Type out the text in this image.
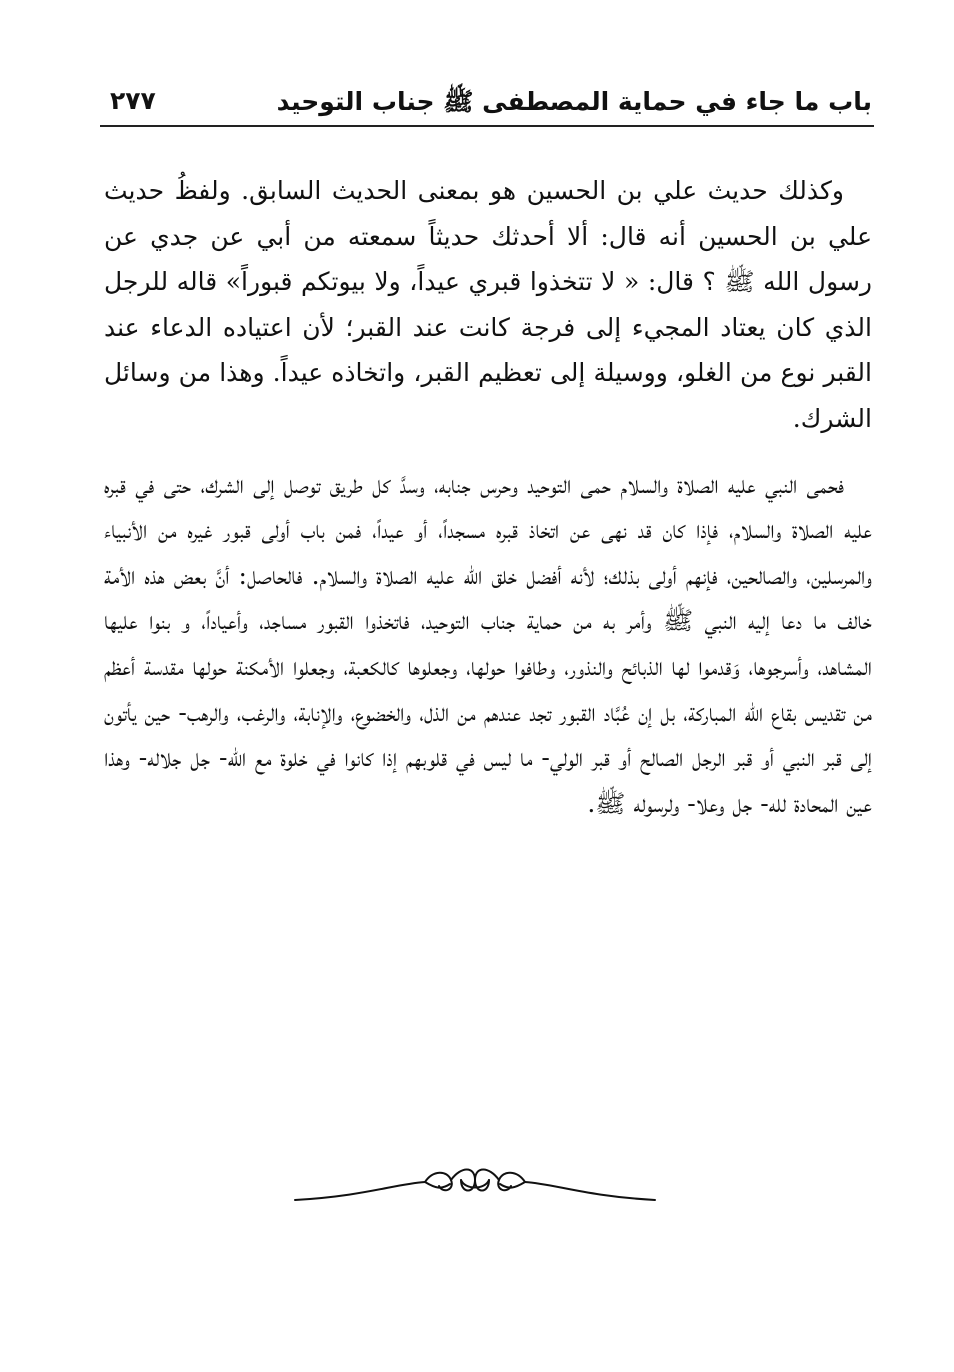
باب ما جاء في حماية المصطفى ﷺ جناب التوحيد
٢٧٧

وكذلك حديث علي بن الحسين هو بمعنى الحديث السابق. ولفظُ حديث علي بن الحسين أنه قال: ألا أحدثك حديثاً سمعته من أبي عن جدي عن رسول الله ﷺ ؟ قال: « لا تتخذوا قبري عيداً، ولا بيوتكم قبوراً» قاله للرجل الذي كان يعتاد المجيء إلى فرجة كانت عند القبر؛ لأن اعتياده الدعاء عند القبر نوع من الغلو، ووسيلة إلى تعظيم القبر، واتخاذه عيداً. وهذا من وسائل الشرك.

فحمى النبي عليه الصلاة والسلام حمى التوحيد وحرس جنابه، وسدَّ كل طريق توصل إلى الشرك، حتى في قبره عليه الصلاة والسلام، فإذا كان قد نهى عن اتخاذ قبره مسجداً، أو عيداً، فمن باب أولى قبور غيره من الأنبياء والمرسلين، والصالحين، فإنهم أولى بذلك؛ لأنه أفضل خلق الله عليه الصلاة والسلام. فالحاصل: أنَّ بعض هذه الأمة خالف ما دعا إليه النبي ﷺ وأمر به من حماية جناب التوحيد، فاتخذوا القبور مساجد، وأعياداً، و بنوا عليها المشاهد، وأسرجوها، وَقدموا لها الذبائح والنذور، وطافوا حولها، وجعلوها كالكعبة، وجعلوا الأمكنة حولها مقدسة أعظم من تقديس بقاع الله المباركة، بل إن عُبَّاد القبور تجد عندهم من الذل، والخضوع، والإنابة، والرغب، والرهب- حين يأتون إلى قبر النبي أو قبر الرجل الصالح أو قبر الولي- ما ليس في قلوبهم إذا كانوا في خلوة مع الله- جل جلاله- وهذا عين المحادة لله- جل وعلا- ولرسوله ﷺ.
